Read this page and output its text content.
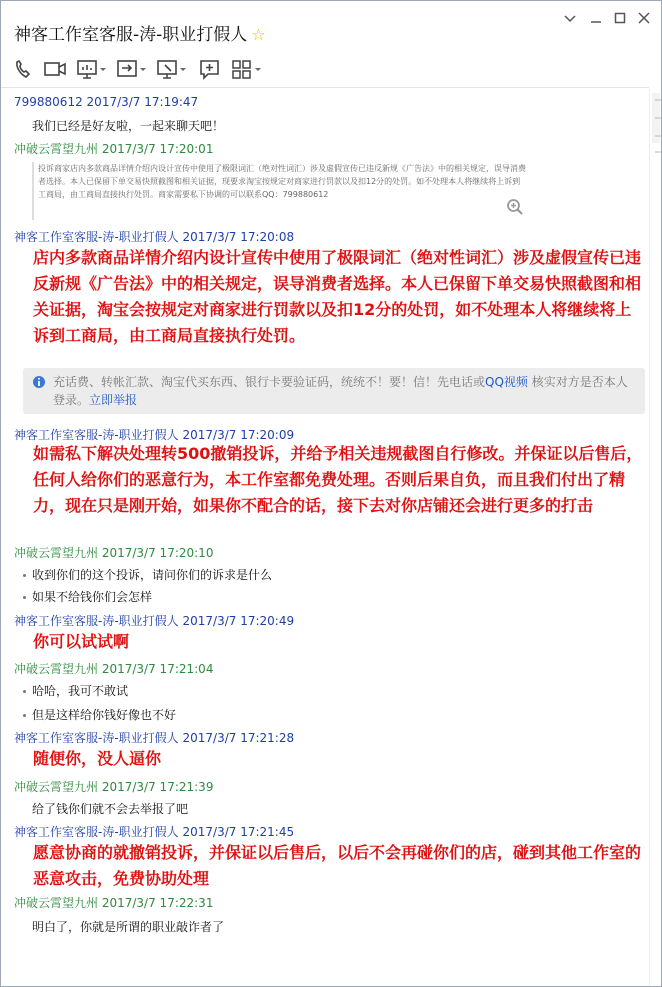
神客工作室客服-涛-职业打假人 ☆
799880612 2017/3/7 17:19:47
我们已经是好友啦，一起来聊天吧！
冲破云霄望九州 2017/3/7 17:20:01
投诉商家店内多款商品详情介绍内设计宣传中使用了极限词汇（绝对性词汇）涉及虚假宣传已违反新规《广告法》中的相关规定，误导消费者选择。本人已保留下单交易快照截图和相关证据，现要求淘宝按规定对商家进行罚款以及扣12分的处罚。如不处理本人将继续将上诉到工商局，由工商局直接执行处罚。商家需要私下协调的可以联系QQ：799880612
神客工作室客服-涛-职业打假人 2017/3/7 17:20:08
店内多款商品详情介绍内设计宣传中使用了极限词汇（绝对性词汇）涉及虚假宣传已违反新规《广告法》中的相关规定，误导消费者选择。本人已保留下单交易快照截图和相关证据，淘宝会按规定对商家进行罚款以及扣12分的处罚，如不处理本人将继续将上诉到工商局，由工商局直接执行处罚。
充话费、转帐汇款、淘宝代买东西、银行卡要验证码，统统不！要！信！先电话或QQ视频 核实对方是否本人登录。立即举报
神客工作室客服-涛-职业打假人 2017/3/7 17:20:09
如需私下解决处理转500撤销投诉，并给予相关违规截图自行修改。并保证以后售后，任何人给你们的恶意行为，本工作室都免费处理。否则后果自负，而且我们付出了精力，现在只是刚开始，如果你不配合的话，接下去对你店铺还会进行更多的打击
冲破云霄望九州 2017/3/7 17:20:10
收到你们的这个投诉，请问你们的诉求是什么
如果不给钱你们会怎样
神客工作室客服-涛-职业打假人 2017/3/7 17:20:49
你可以试试啊
冲破云霄望九州 2017/3/7 17:21:04
哈哈，我可不敢试
但是这样给你钱好像也不好
神客工作室客服-涛-职业打假人 2017/3/7 17:21:28
随便你，没人逼你
冲破云霄望九州 2017/3/7 17:21:39
给了钱你们就不会去举报了吧
神客工作室客服-涛-职业打假人 2017/3/7 17:21:45
愿意协商的就撤销投诉，并保证以后售后，以后不会再碰你们的店，碰到其他工作室的恶意攻击，免费协助处理
冲破云霄望九州 2017/3/7 17:22:31
明白了，你就是所谓的职业敲诈者了
